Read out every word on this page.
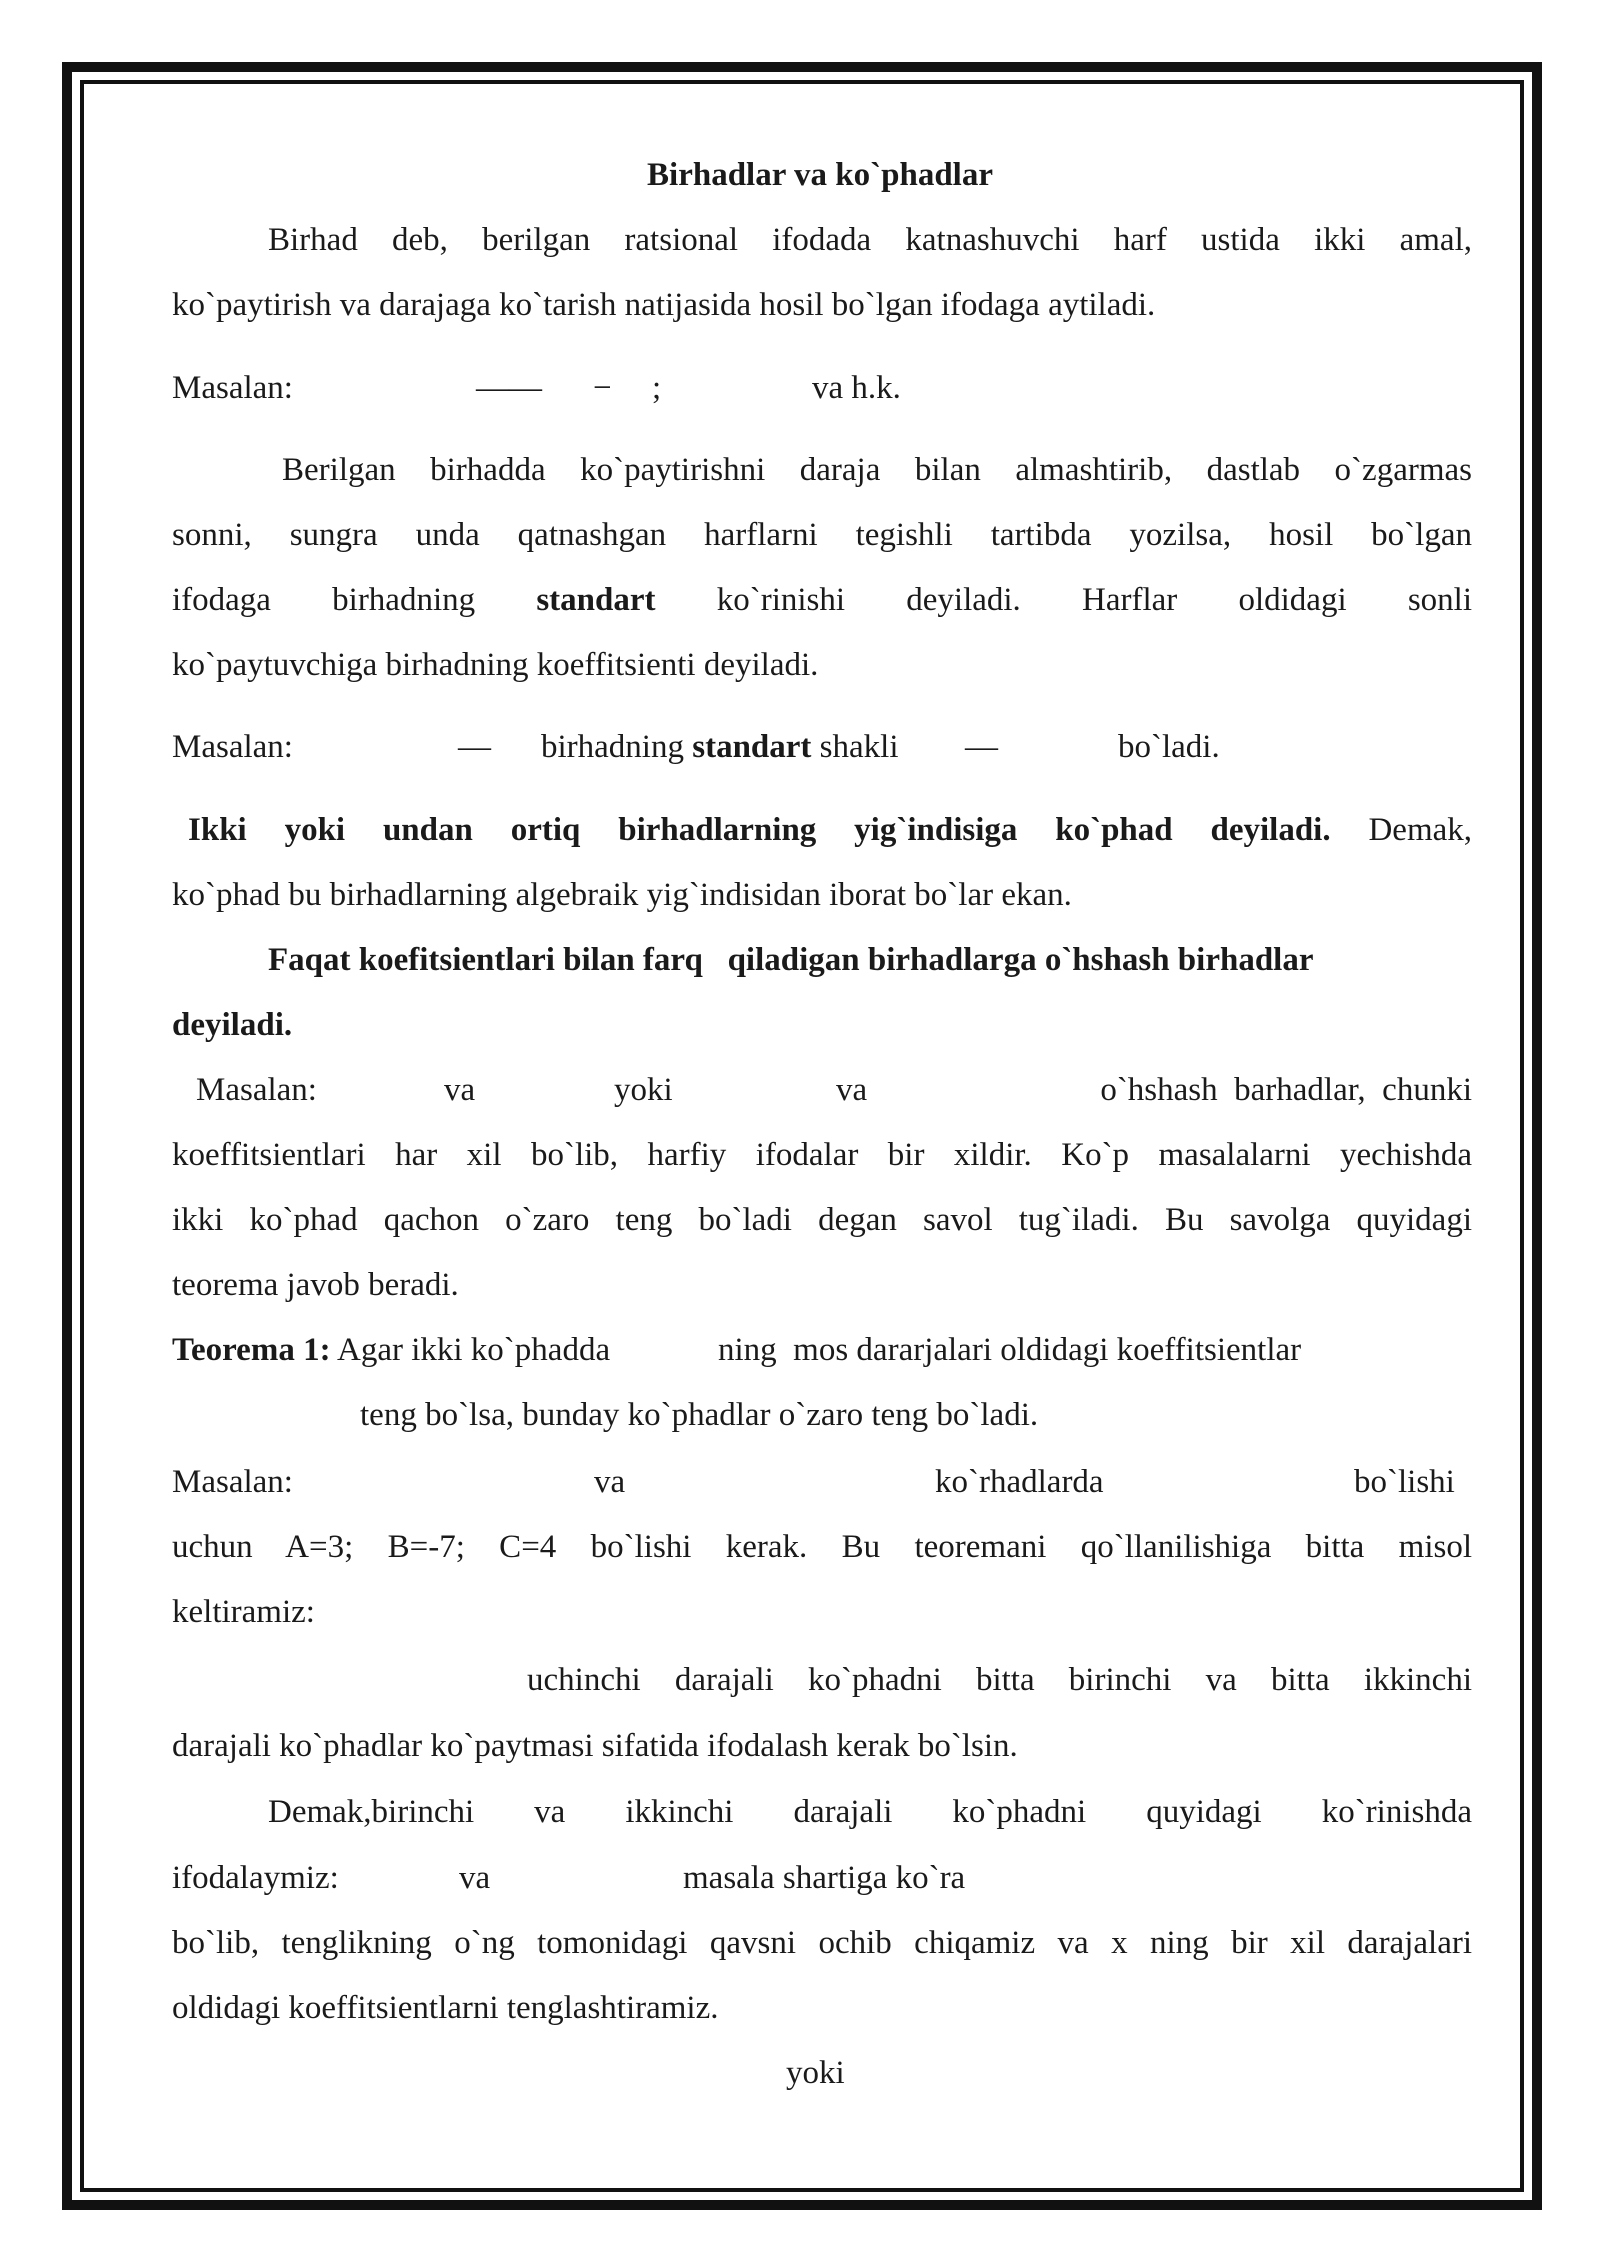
Birhadlar va ko`phadlar
Birhad deb, berilgan ratsional ifodada katnashuvchi harf ustida ikki amal,
ko`paytirish va darajaga ko`tarish natijasida hosil bo`lgan ifodaga aytiladi.
Masalan:	—— − ;	va h.k.
Berilgan birhadda ko`paytirishni daraja bilan almashtirib, dastlab o`zgarmas
sonni, sungra unda qatnashgan harflarni tegishli tartibda yozilsa, hosil bo`lgan
ifodaga birhadning standart ko`rinishi deyiladi. Harflar oldidagi sonli
ko`paytuvchiga birhadning koeffitsienti deyiladi.
Masalan:	— birhadning standart shakli —	bo`ladi.
Ikki yoki undan ortiq birhadlarning yig`indisiga ko`phad deyiladi. Demak,
ko`phad bu birhadlarning algebraik yig`indisidan iborat bo`lar ekan.
Faqat koefitsientlari bilan farq   qiladigan birhadlarga o`hshash birhadlar
deyiladi.
Masalan:	va	yoki	va	o`hshash barhadlar, chunki
koeffitsientlari har xil bo`lib, harfiy ifodalar bir xildir. Ko`p masalalarni yechishda
ikki ko`phad qachon o`zaro teng bo`ladi degan savol tug`iladi. Bu savolga quyidagi
teorema javob beradi.
Teorema 1: Agar ikki ko`phadda	ning  mos dararjalari oldidagi koeffitsientlar
teng bo`lsa, bunday ko`phadlar o`zaro teng bo`ladi.
Masalan:	va	ko`rhadlarda	bo`lishi
uchun A=3; B=-7; C=4 bo`lishi kerak. Bu teoremani qo`llanilishiga bitta misol
keltiramiz:
uchinchi darajali ko`phadni bitta birinchi va bitta ikkinchi
darajali ko`phadlar ko`paytmasi sifatida ifodalash kerak bo`lsin.
Demak,birinchi va ikkinchi darajali ko`phadni quyidagi ko`rinishda
ifodalaymiz:	va	masala shartiga ko`ra
bo`lib, tenglikning o`ng tomonidagi qavsni ochib chiqamiz va x ning bir xil darajalari
oldidagi koeffitsientlarni tenglashtiramiz.
yoki
